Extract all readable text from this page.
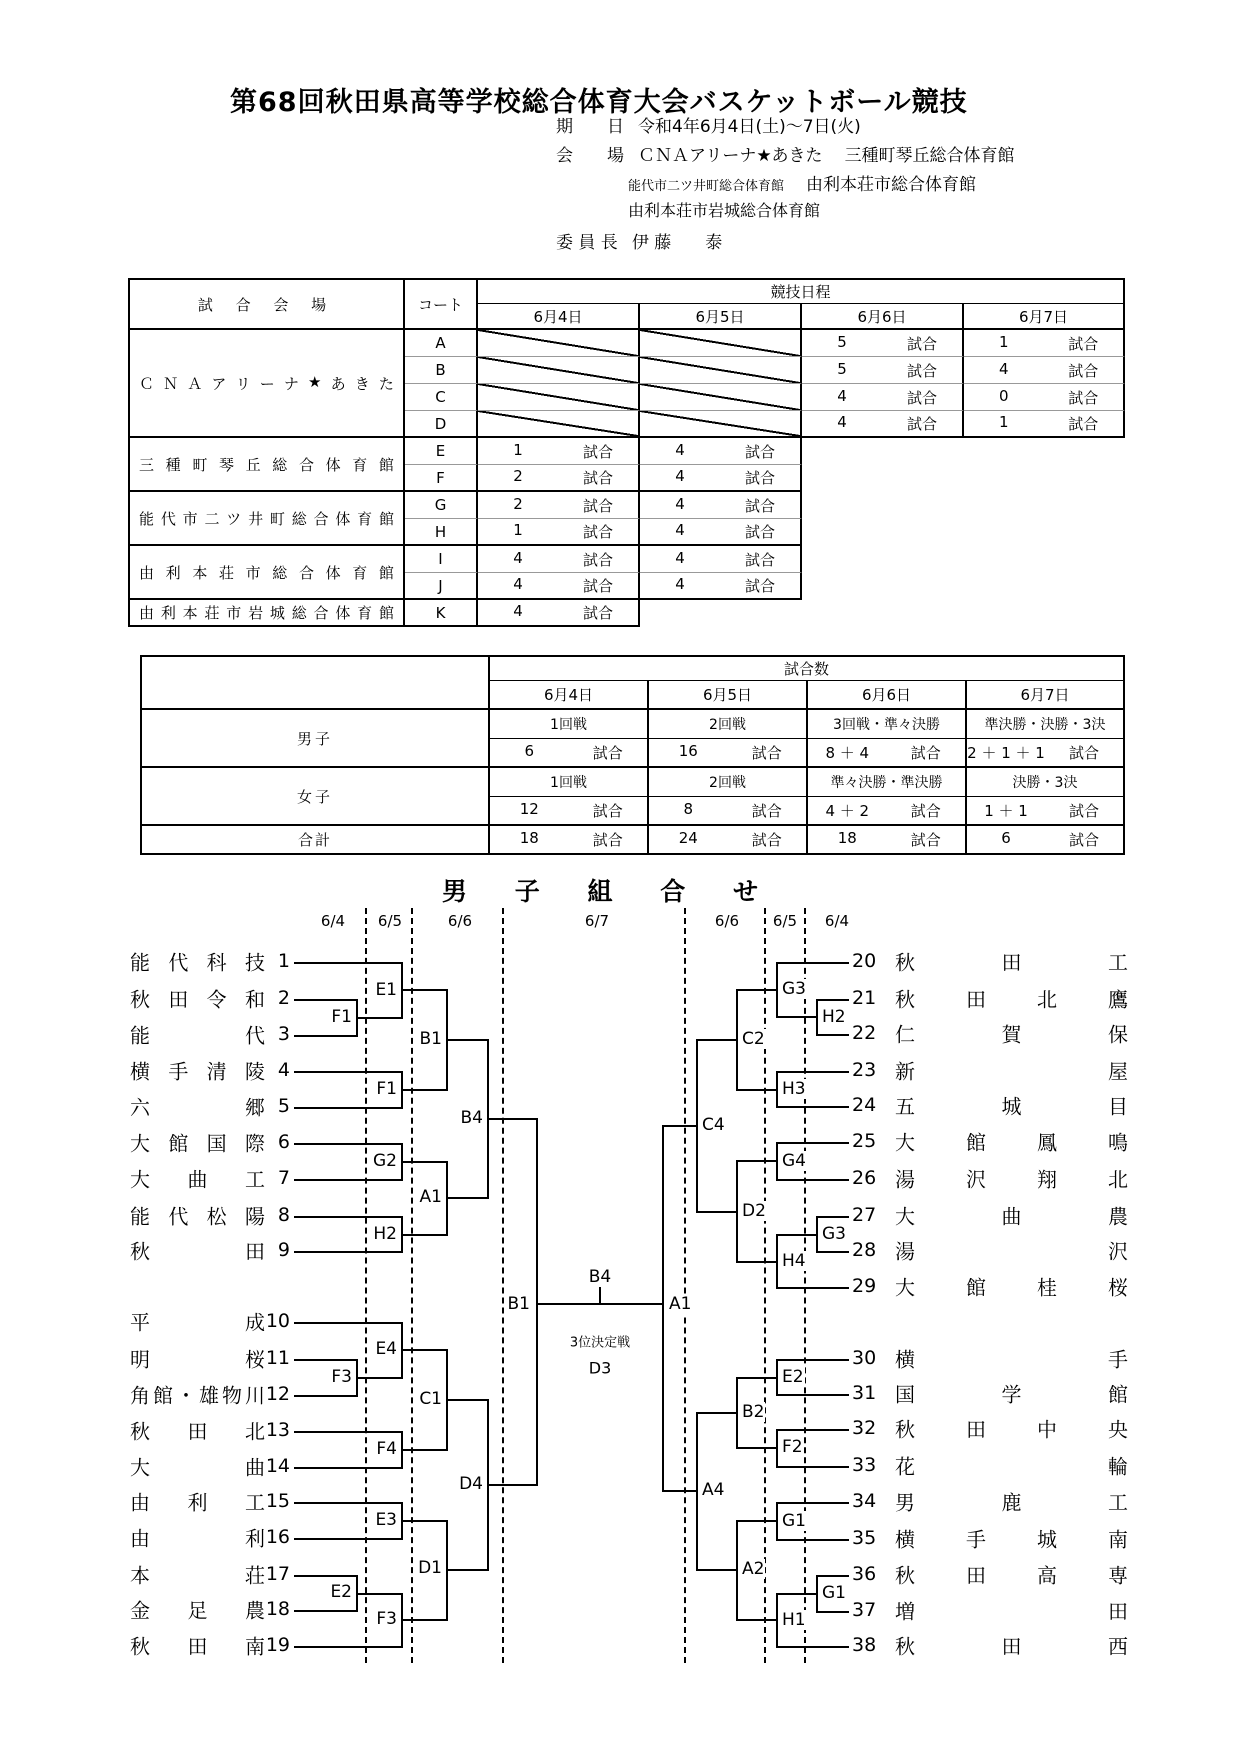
第68回秋田県高等学校総合体育大会バスケットボール競技
期　　日 令和4年6月4日(土)～7日(火)
会　　場 ＣＮＡアリーナ★あきた 三種町琴丘総合体育館
能代市二ツ井町総合体育館 由利本荘市総合体育館
由利本荘市岩城総合体育館
委 員 長 伊 藤　　泰
試 合 会 場	コート	競技日程			
		6月4日	6月5日	6月6日	6月7日

Ｃ Ｎ Ａ ア リ ー ナ ★ あ き た
	A			5	試合	1	試合

	B			5 試合	4 試合

	C			4 試合	0 試合

	D			4 試合	1 試合

三 種 町 琴 丘 総 合 体 育 館
	E	1	試合	4	試合

	F	2 試合	4 試合		

能 代 市 二 ツ 井 町 総 合 体 育 館
	G	2	試合	4	試合

	H	1 試合	4 試合		

由 利 本 荘 市 総 合 体 育 館
	I	4	試合	4	試合

	J	4 試合	4 試合		

由 利 本 荘 市 岩 城 総 合 体 育 館	K	4	試合

	試合数			
	6月4日	6月5日	6月6日	6月7日
男子	1回戦	2回戦	3回戦・準々決勝	準決勝・決勝・3決

	6 試合	16 試合	8 ＋ 4 試合	2 ＋ 1 ＋ 1 試合

女子	1回戦	2回戦	準々決勝・準決勝	決勝・3決

	12 試合	8 試合	4 ＋ 2 試合	1 ＋ 1 試合

合計	18 試合	24 試合	18 試合	6 試合
男 子 組 合 せ
6/4 6/5	6/6	6/7	6/6 6/5 6/4
能 代 科 技 1
秋 田 令 和 2
能	代 3
横 手 清 陵 4
六	郷 5
大 館 国 際 6
大 曲 工 7
能 代 松 陽 8
秋	田 9
平	成 10
明	桜 11
角 館 ・ 雄 物 川 12
秋 田 北 13
大	曲 14
由 利 工 15
由	利 16
本	荘 17
金 足 農 18
秋 田 南 19
20 秋	田	工
21 秋	田	北	鷹
22 仁	賀	保
23 新	屋
24 五	城	目
25 大	館	鳳	鳴
26 湯	沢	翔	北
27 大	曲	農
28 湯	沢
29 大	館	桂	桜
30 横	手
31 国	学	館
32 秋	田	中	央
33 花	輪
34 男	鹿	工
35 横	手	城	南
36 秋	田	高	専
37 増	田
38 秋	田	西
F1
E1
F1
G2
H2
B1
A1
B4
F3
E4
F4
C1
E3
E2
F3
D1
D4
B1
H2
G3
H3
C2
G4
G3
H4
D2
C4
E2
F2
B2
G1
G1
H1
A2
A4
A1
B4
3位決定戦
D3
